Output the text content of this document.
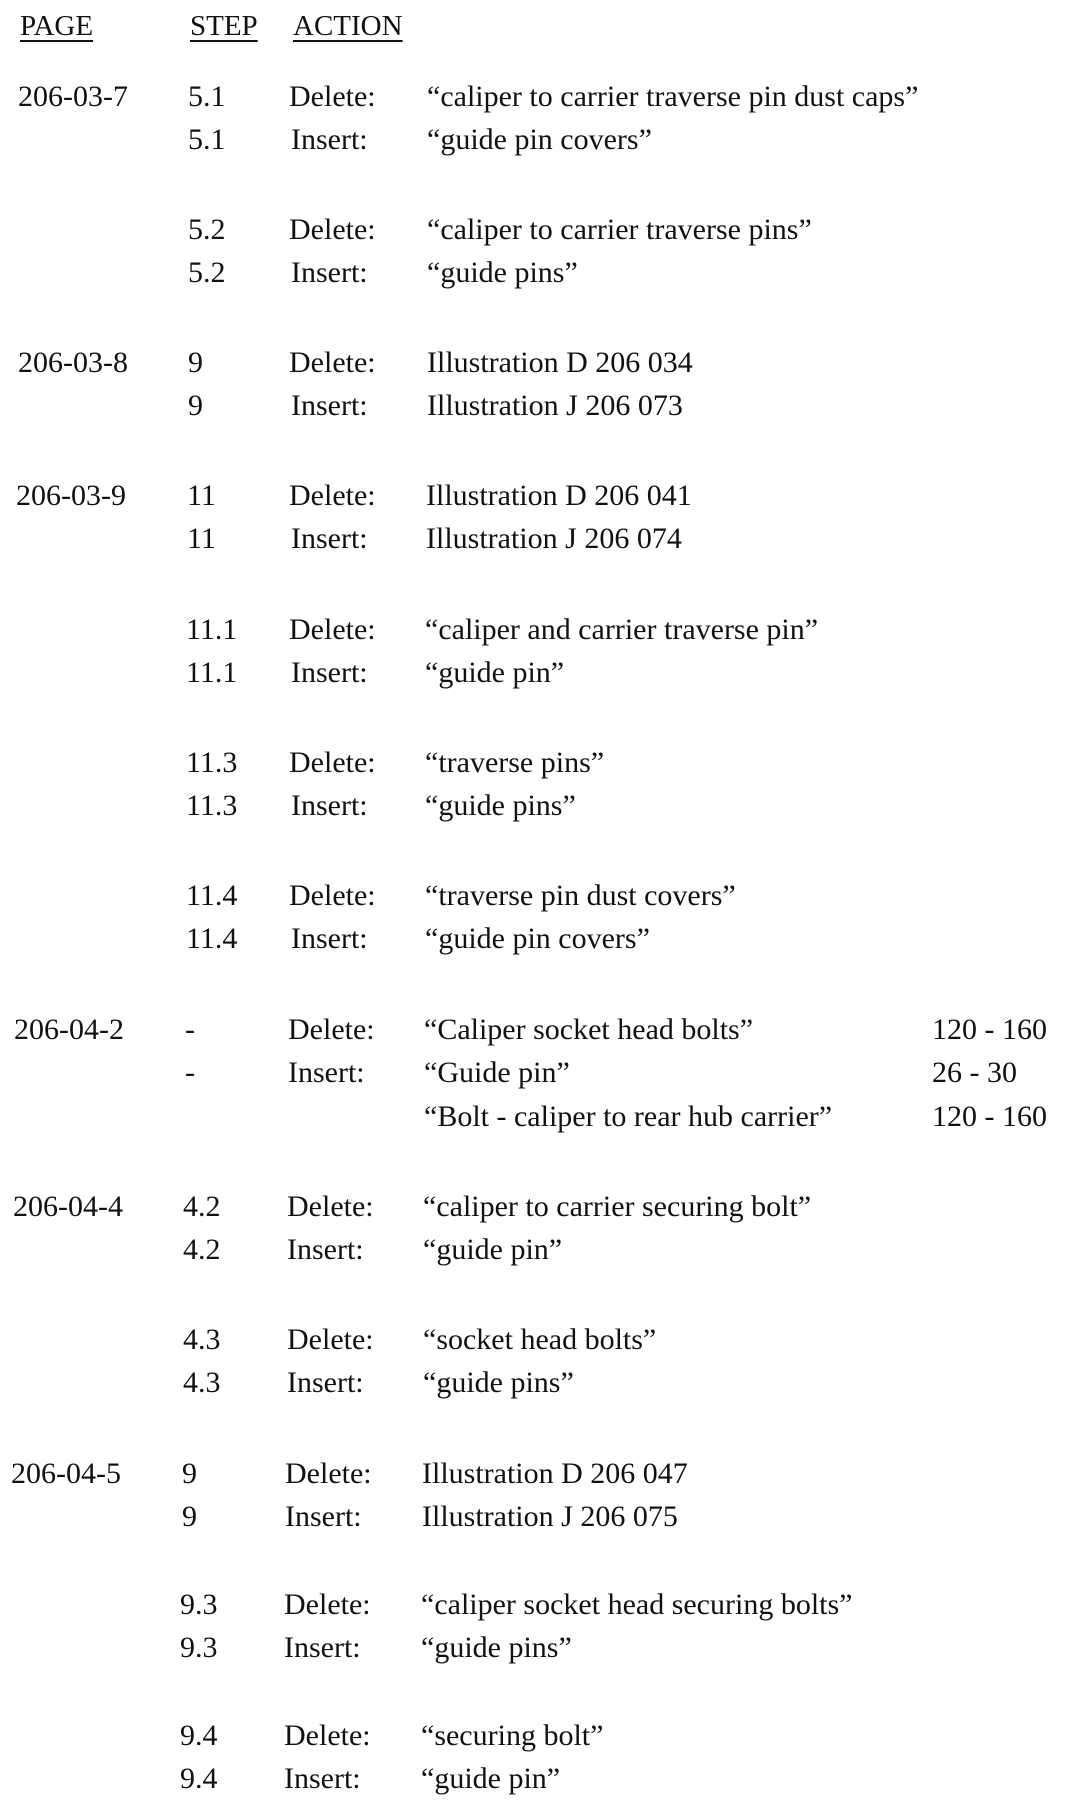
PAGE	STEP ACTION
206-03-7 5.1 Delete: “caliper to carrier traverse pin dust caps”
5.1 Insert: “guide pin covers”
5.2 Delete: “caliper to carrier traverse pins”
5.2 Insert: “guide pins”
206-03-8 9	Delete: Illustration D 206 034
9	Insert: Illustration J 206 073
206-03-9 11 Delete: Illustration D 206 041
11	Insert: Illustration J 206 074
11.1 Delete: “caliper and carrier traverse pin”
11.1 Insert: “guide pin”
11.3 Delete: “traverse pins”
11.3 Insert: “guide pins”
11.4 Delete: “traverse pin dust covers”
11.4 Insert: “guide pin covers”
206-04-2 -	Delete: “Caliper socket head bolts”	120 - 160
-	Insert: “Guide pin”	26 - 30
“Bolt - caliper to rear hub carrier”	120 - 160
206-04-4 4.2 Delete: “caliper to carrier securing bolt”
4.2 Insert: “guide pin”
4.3 Delete: “socket head bolts”
4.3 Insert: “guide pins”
206-04-5 9	Delete: Illustration D 206 047
9	Insert: Illustration J 206 075
9.3 Delete: “caliper socket head securing bolts”
9.3 Insert: “guide pins”
9.4 Delete: “securing bolt”
9.4 Insert: “guide pin”
